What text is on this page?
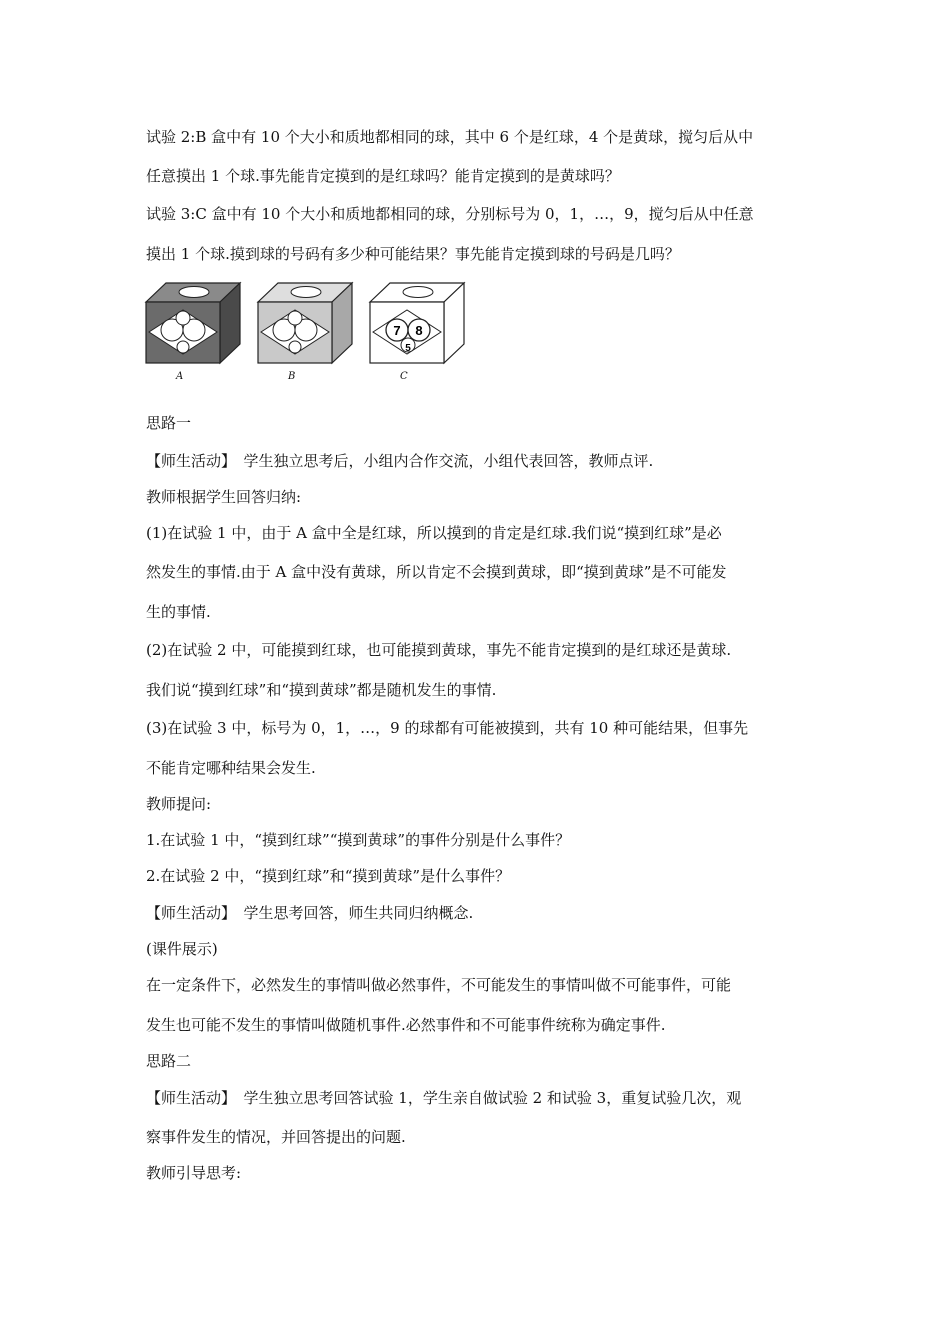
试验 2:B 盒中有 10 个大小和质地都相同的球，其中 6 个是红球，4 个是黄球，搅匀后从中
任意摸出 1 个球.事先能肯定摸到的是红球吗？能肯定摸到的是黄球吗？
试验 3:C 盒中有 10 个大小和质地都相同的球，分别标号为 0，1，…，9，搅匀后从中任意
摸出 1 个球.摸到球的号码有多少种可能结果？事先能肯定摸到球的号码是几吗？
7 8
5
A	B	C
思路一
【师生活动】　学生独立思考后，小组内合作交流，小组代表回答，教师点评.
教师根据学生回答归纳:
(1)在试验 1 中，由于 A 盒中全是红球，所以摸到的肯定是红球.我们说“摸到红球”是必
然发生的事情.由于 A 盒中没有黄球，所以肯定不会摸到黄球，即“摸到黄球”是不可能发
生的事情.
(2)在试验 2 中，可能摸到红球，也可能摸到黄球，事先不能肯定摸到的是红球还是黄球.
我们说“摸到红球”和“摸到黄球”都是随机发生的事情.
(3)在试验 3 中，标号为 0，1，…，9 的球都有可能被摸到，共有 10 种可能结果，但事先
不能肯定哪种结果会发生.
教师提问:
1.在试验 1 中，“摸到红球”“摸到黄球”的事件分别是什么事件？
2.在试验 2 中，“摸到红球”和“摸到黄球”是什么事件？
【师生活动】　学生思考回答，师生共同归纳概念.
(课件展示)
在一定条件下，必然发生的事情叫做必然事件，不可能发生的事情叫做不可能事件，可能
发生也可能不发生的事情叫做随机事件.必然事件和不可能事件统称为确定事件.
思路二
【师生活动】　学生独立思考回答试验 1，学生亲自做试验 2 和试验 3，重复试验几次，观
察事件发生的情况，并回答提出的问题.
教师引导思考:
